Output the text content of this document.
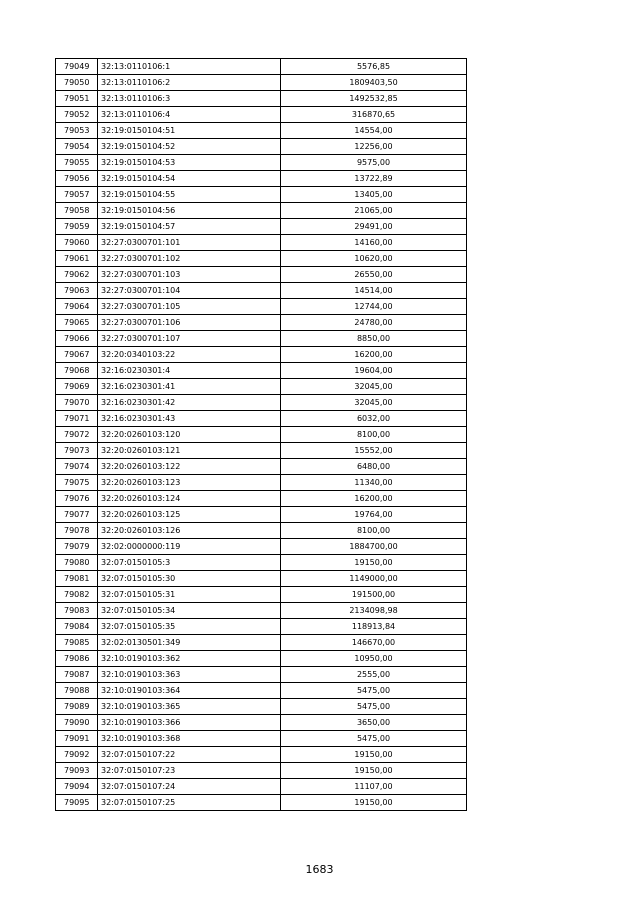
79049	32:13:0110106:1	5576,85
79050	32:13:0110106:2	1809403,50
79051	32:13:0110106:3	1492532,85
79052	32:13:0110106:4	316870,65
79053	32:19:0150104:51	14554,00
79054	32:19:0150104:52	12256,00
79055	32:19:0150104:53	9575,00
79056	32:19:0150104:54	13722,89
79057	32:19:0150104:55	13405,00
79058	32:19:0150104:56	21065,00
79059	32:19:0150104:57	29491,00
79060	32:27:0300701:101	14160,00
79061	32:27:0300701:102	10620,00
79062	32:27:0300701:103	26550,00
79063	32:27:0300701:104	14514,00
79064	32:27:0300701:105	12744,00
79065	32:27:0300701:106	24780,00
79066	32:27:0300701:107	8850,00
79067	32:20:0340103:22	16200,00
79068	32:16:0230301:4	19604,00
79069	32:16:0230301:41	32045,00
79070	32:16:0230301:42	32045,00
79071	32:16:0230301:43	6032,00
79072	32:20:0260103:120	8100,00
79073	32:20:0260103:121	15552,00
79074	32:20:0260103:122	6480,00
79075	32:20:0260103:123	11340,00
79076	32:20:0260103:124	16200,00
79077	32:20:0260103:125	19764,00
79078	32:20:0260103:126	8100,00
79079	32:02:0000000:119	1884700,00
79080	32:07:0150105:3	19150,00
79081	32:07:0150105:30	1149000,00
79082	32:07:0150105:31	191500,00
79083	32:07:0150105:34	2134098,98
79084	32:07:0150105:35	118913,84
79085	32:02:0130501:349	146670,00
79086	32:10:0190103:362	10950,00
79087	32:10:0190103:363	2555,00
79088	32:10:0190103:364	5475,00
79089	32:10:0190103:365	5475,00
79090	32:10:0190103:366	3650,00
79091	32:10:0190103:368	5475,00
79092	32:07:0150107:22	19150,00
79093	32:07:0150107:23	19150,00
79094	32:07:0150107:24	11107,00
79095	32:07:0150107:25	19150,00
1683
